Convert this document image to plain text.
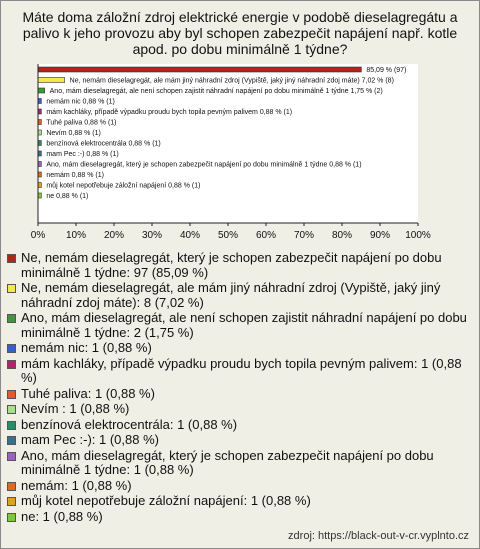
Máte doma záložní zdroj elektrické energie v podobě dieselagregátu a palivo k jeho provozu aby byl schopen zabezpečit napájení např. kotle apod. po dobu minimálně 1 týdne?
85,09 % (97)
Ne, nemám dieselagregát, ale mám jiný náhradní zdroj (Vypiště, jaký jiný náhradní zdoj máte) 7,02 % (8)
Ano, mám dieselagregát, ale není schopen zajistit náhradní napájení po dobu minimálně 1 týdne 1,75 % (2)
nemám nic 0,88 % (1)
mám kachláky, případě výpadku proudu bych topila pevným palivem 0,88 % (1)
Tuhé paliva 0,88 % (1)
Nevím 0,88 % (1)
benzínová elektrocentrála 0,88 % (1)
mam Pec :-) 0,88 % (1)
Ano, mám dieselagregát, který je schopen zabezpečit napájení po dobu minimálně 1 týdne 0,88 % (1)
nemám 0,88 % (1)
můj kotel nepotřebuje záložní napájení 0,88 % (1)
ne 0,88 % (1)
0% 10% 20% 30% 40% 50% 60% 70% 80% 90% 100%
Ne, nemám dieselagregát, který je schopen zabezpečit napájení po dobu minimálně 1 týdne: 97 (85,09 %)
Ne, nemám dieselagregát, ale mám jiný náhradní zdroj (Vypiště, jaký jiný náhradní zdoj máte): 8 (7,02 %)
Ano, mám dieselagregát, ale není schopen zajistit náhradní napájení po dobu minimálně 1 týdne: 2 (1,75 %)
nemám nic: 1 (0,88 %)
mám kachláky, případě výpadku proudu bych topila pevným palivem: 1 (0,88 %)
Tuhé paliva: 1 (0,88 %)
Nevím : 1 (0,88 %)
benzínová elektrocentrála: 1 (0,88 %)
mam Pec :-): 1 (0,88 %)
Ano, mám dieselagregát, který je schopen zabezpečit napájení po dobu minimálně 1 týdne: 1 (0,88 %)
nemám: 1 (0,88 %)
můj kotel nepotřebuje záložní napájení: 1 (0,88 %)
ne: 1 (0,88 %)
zdroj: https://black-out-v-cr.vyplnto.cz
